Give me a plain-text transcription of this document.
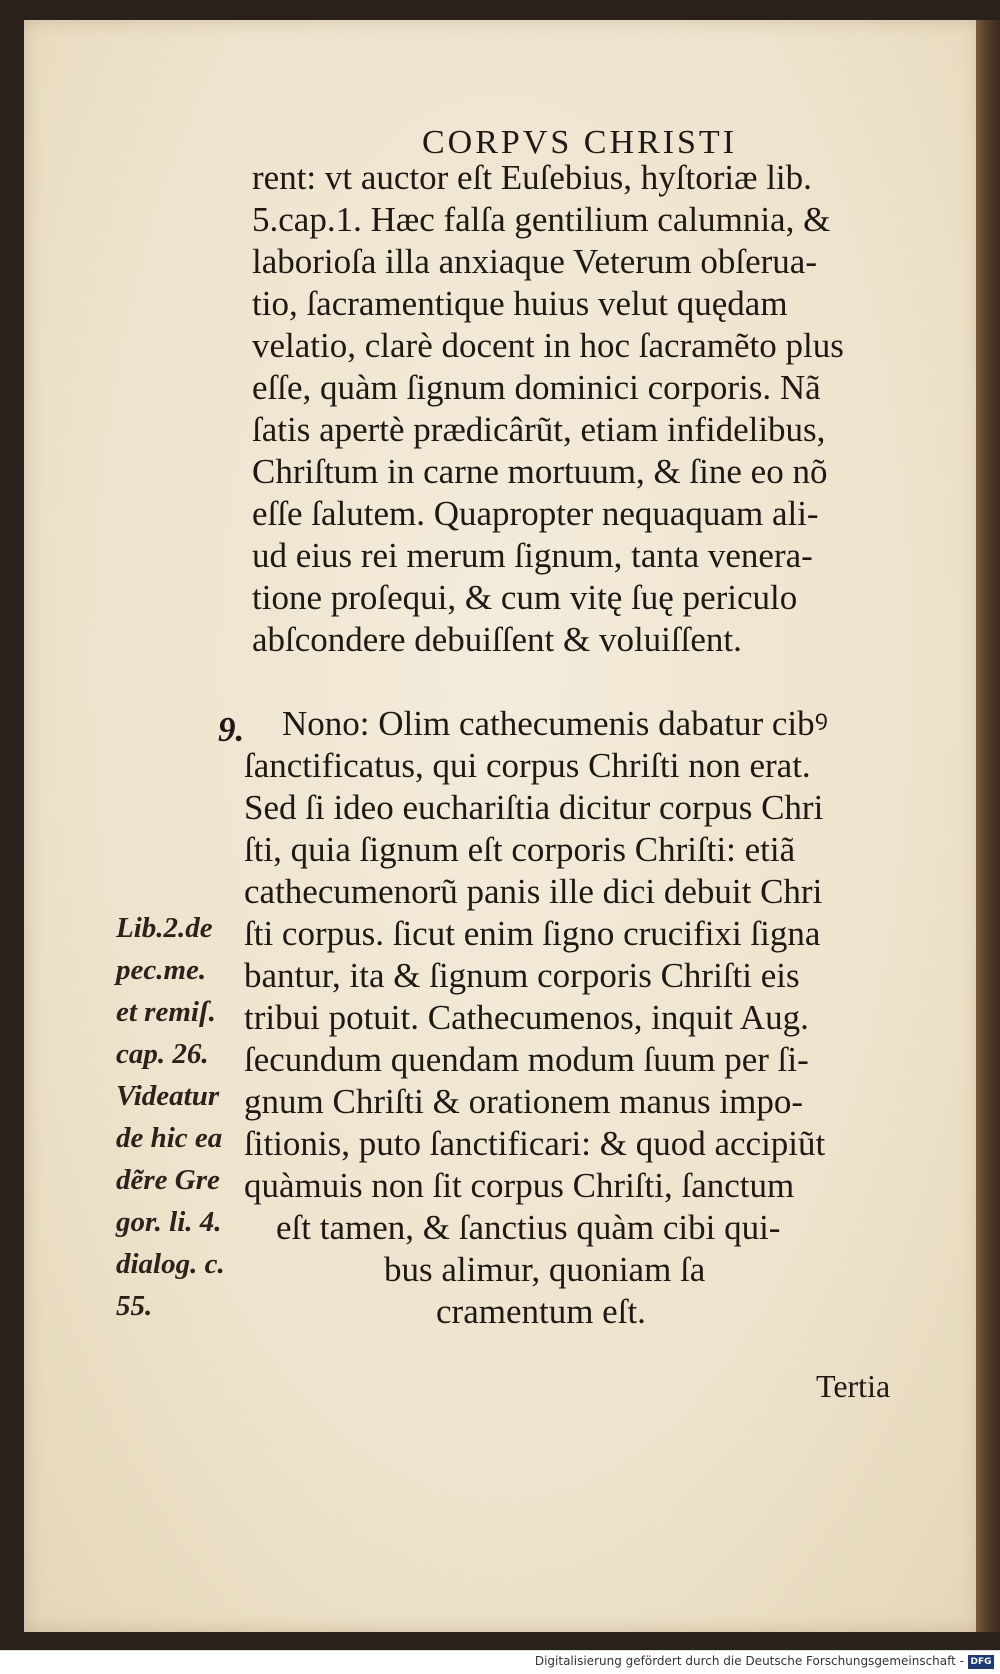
CORPVS CHRISTI
rent: vt auctor eſt Euſebius, hyſtoriæ lib.
5.cap.1. Hæc falſa gentilium calumnia, &
laborioſa illa anxiaque Veterum obſerua-
tio, ſacramentique huius velut quędam
velatio, clarè docent in hoc ſacramẽto plus
eſſe, quàm ſignum dominici corporis. Nã
ſatis apertè prædicârũt, etiam infidelibus,
Chriſtum in carne mortuum, & ſine eo nõ
eſſe ſalutem. Quapropter nequaquam ali-
ud eius rei merum ſignum, tanta venera-
tione proſequi, & cum vitę ſuę periculo
abſcondere debuiſſent & voluiſſent.
Nono: Olim cathecumenis dabatur cibꝰ
ſanctificatus, qui corpus Chriſti non erat.
Sed ſi ideo euchariſtia dicitur corpus Chri
ſti, quia ſignum eſt corporis Chriſti: etiã
cathecumenorũ panis ille dici debuit Chri
ſti corpus. ſicut enim ſigno crucifixi ſigna
bantur, ita & ſignum corporis Chriſti eis
tribui potuit. Cathecumenos, inquit Aug.
ſecundum quendam modum ſuum per ſi-
gnum Chriſti & orationem manus impo-
ſitionis, puto ſanctificari: & quod accipiũt
quàmuis non ſit corpus Chriſti, ſanctum
eſt tamen, & ſanctius quàm cibi qui-
bus alimur, quoniam ſa
cramentum eſt.
9.
Lib.2.de
pec.me.
et remiſ.
cap. 26.
Videatur
de hic ea
dẽre Gre
gor. li. 4.
dialog. c.
55.
Tertia
Digitalisierung gefördert durch die Deutsche Forschungsgemeinschaft - DFG
